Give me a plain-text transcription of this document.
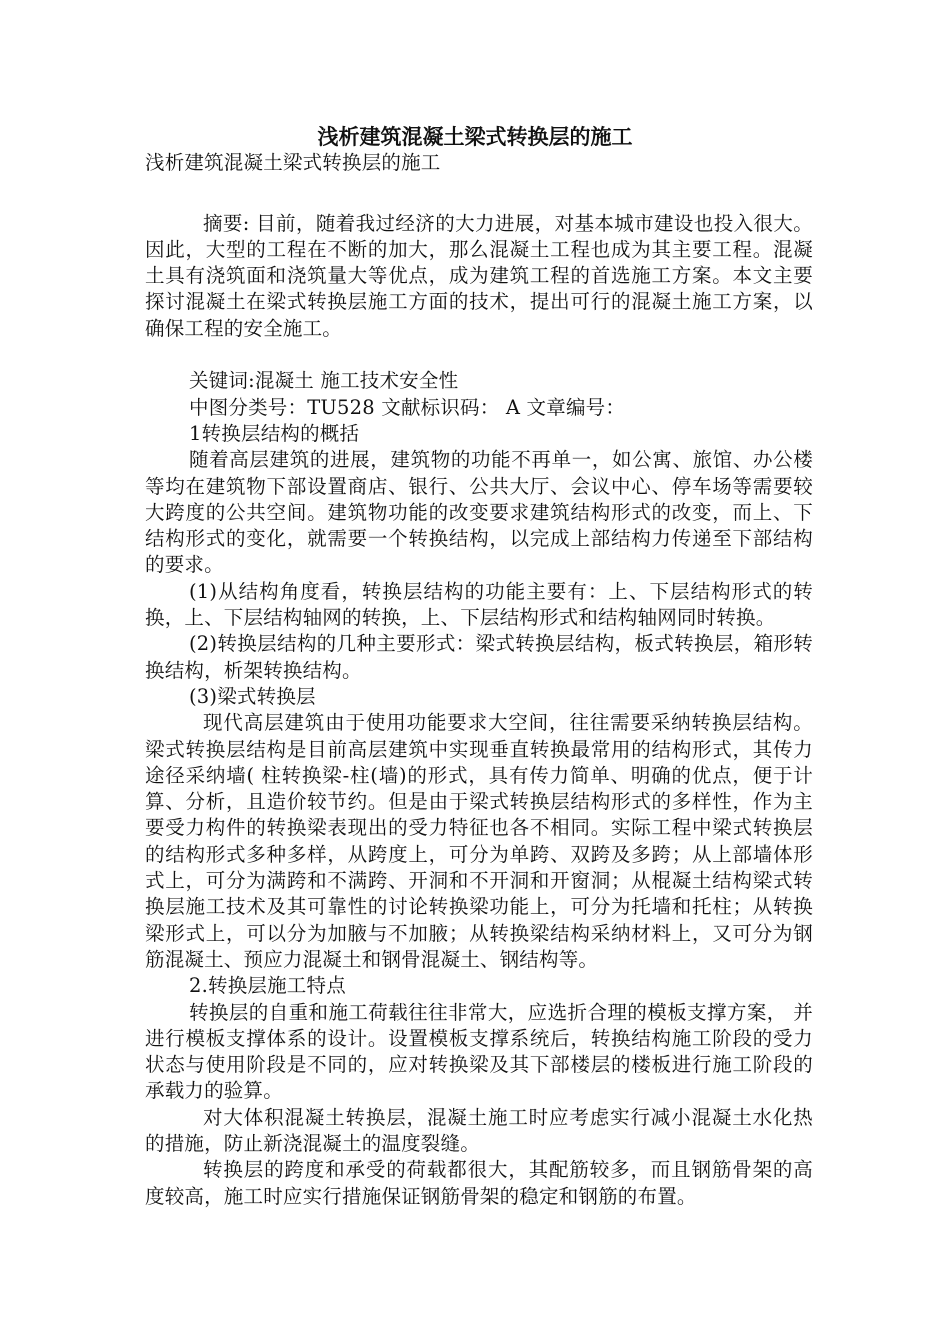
浅析建筑混凝土梁式转换层的施工

浅析建筑混凝土梁式转换层的施工

摘要: 目前，随着我过经济的大力进展，对基本城市建设也投入很大。因此，大型的工程在不断的加大，那么混凝土工程也成为其主要工程。混凝土具有浇筑面和浇筑量大等优点，成为建筑工程的首选施工方案。本文主要探讨混凝土在梁式转换层施工方面的技术，提出可行的混凝土施工方案，以确保工程的安全施工。

关键词:混凝土 施工技术安全性

中图分类号：TU528 文献标识码： A 文章编号：

1转换层结构的概括

随着高层建筑的进展，建筑物的功能不再单一，如公寓、旅馆、办公楼等均在建筑物下部设置商店、银行、公共大厅、会议中心、停车场等需要较大跨度的公共空间。建筑物功能的改变要求建筑结构形式的改变，而上、下结构形式的变化，就需要一个转换结构，以完成上部结构力传递至下部结构的要求。

(1)从结构角度看，转换层结构的功能主要有：上、下层结构形式的转换，上、下层结构轴网的转换，上、下层结构形式和结构轴网同时转换。

(2)转换层结构的几种主要形式：梁式转换层结构，板式转换层，箱形转换结构，析架转换结构。

(3)梁式转换层

现代高层建筑由于使用功能要求大空间，往往需要采纳转换层结构。梁式转换层结构是目前高层建筑中实现垂直转换最常用的结构形式，其传力途径采纳墙( 柱转换梁-柱(墙)的形式，具有传力简单、明确的优点，便于计算、分析，且造价较节约。但是由于梁式转换层结构形式的多样性，作为主要受力构件的转换梁表现出的受力特征也各不相同。实际工程中梁式转换层的结构形式多种多样，从跨度上，可分为单跨、双跨及多跨；从上部墙体形式上，可分为满跨和不满跨、开洞和不开洞和开窗洞；从棍凝土结构梁式转换层施工技术及其可靠性的讨论转换梁功能上，可分为托墙和托柱；从转换梁形式上，可以分为加腋与不加腋；从转换梁结构采纳材料上，又可分为钢筋混凝土、预应力混凝土和钢骨混凝土、钢结构等。

2.转换层施工特点

转换层的自重和施工荷载往往非常大，应选折合理的模板支撑方案， 并进行模板支撑体系的设计。设置模板支撑系统后，转换结构施工阶段的受力状态与使用阶段是不同的，应对转换梁及其下部楼层的楼板进行施工阶段的承载力的验算。

对大体积混凝土转换层，混凝土施工时应考虑实行减小混凝土水化热的措施，防止新浇混凝土的温度裂缝。

转换层的跨度和承受的荷载都很大，其配筋较多，而且钢筋骨架的高度较高，施工时应实行措施保证钢筋骨架的稳定和钢筋的布置。
